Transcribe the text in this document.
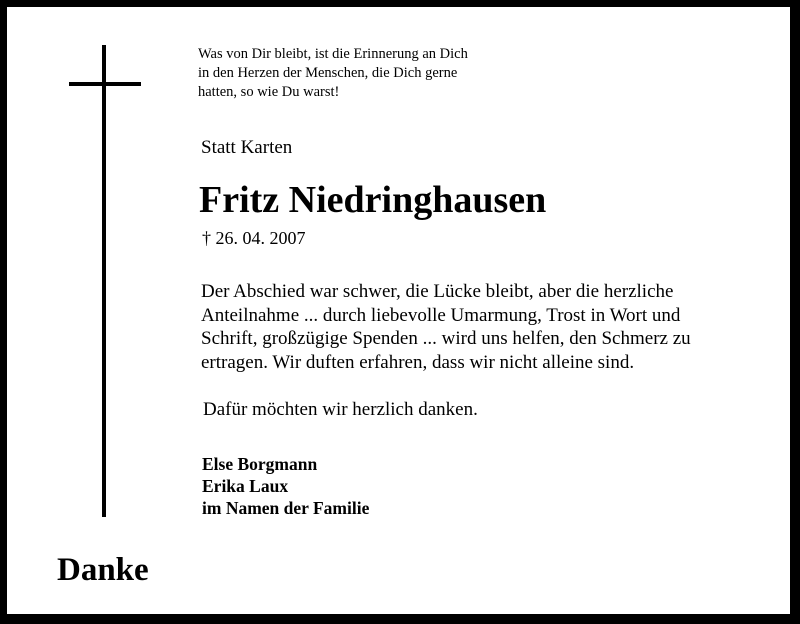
Was von Dir bleibt, ist die Erinnerung an Dich
in den Herzen der Menschen, die Dich gerne
hatten, so wie Du warst!
Statt Karten
Fritz Niedringhausen
† 26. 04. 2007
Der Abschied war schwer, die Lücke bleibt, aber die herzliche
Anteilnahme ... durch liebevolle Umarmung, Trost in Wort und
Schrift, großzügige Spenden ... wird uns helfen, den Schmerz zu
ertragen. Wir duften erfahren, dass wir nicht alleine sind.
Dafür möchten wir herzlich danken.
Else Borgmann
Erika Laux
im Namen der Familie
Danke
